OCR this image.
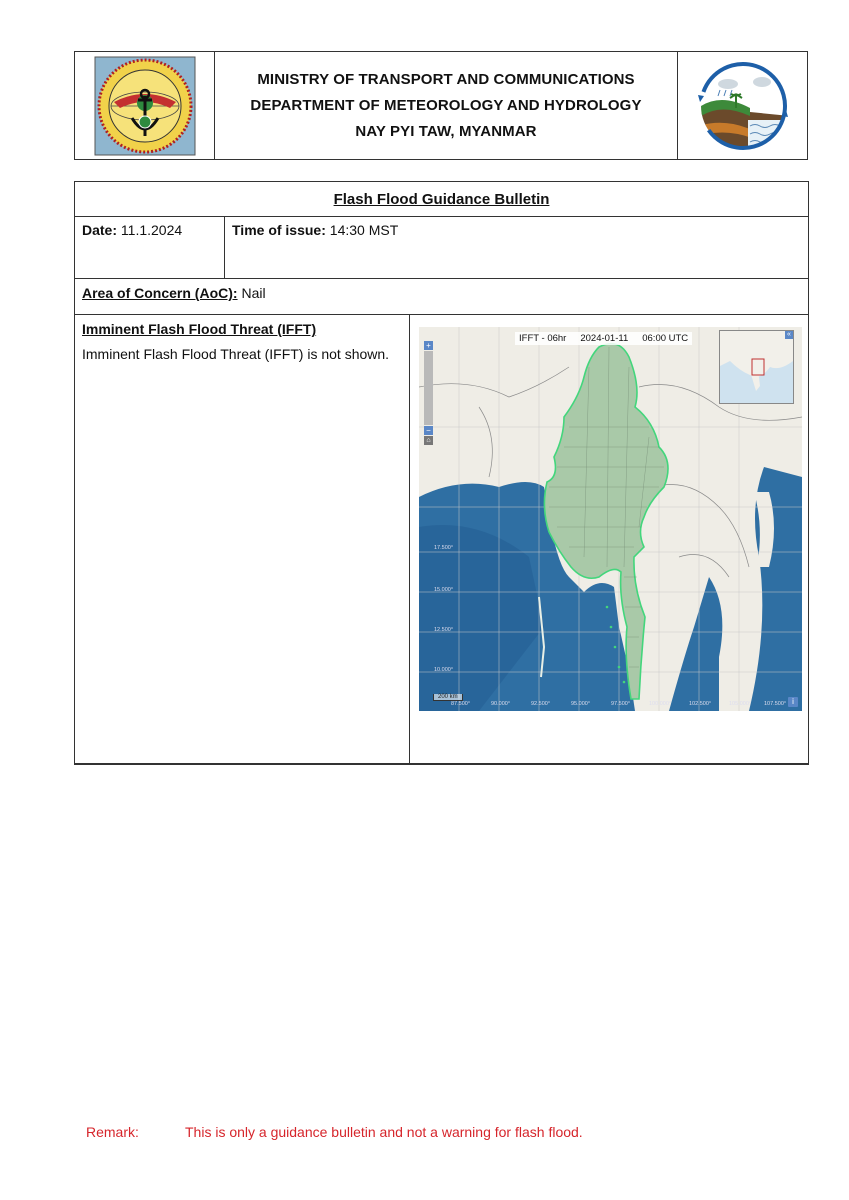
MINISTRY OF TRANSPORT AND COMMUNICATIONS
DEPARTMENT OF METEOROLOGY AND HYDROLOGY
NAY PYI TAW, MYANMAR
Flash Flood Guidance Bulletin
Date: 11.1.2024	Time of issue: 14:30 MST
Area of Concern (AoC): Nail
Imminent Flash Flood Threat (IFFT)
Imminent Flash Flood Threat (IFFT) is not shown.
IFFT - 06hr 2024-01-11 06:00 UTC
+
−
⌂
«
17.500°
15.000°
12.500°
10.000°
87.500°	90.000°	92.500°	95.000°	97.500°	100.000°	102.500°	105.000° 107.500°
200 km	i
Remark:	This is only a guidance bulletin and not a warning for flash flood.
